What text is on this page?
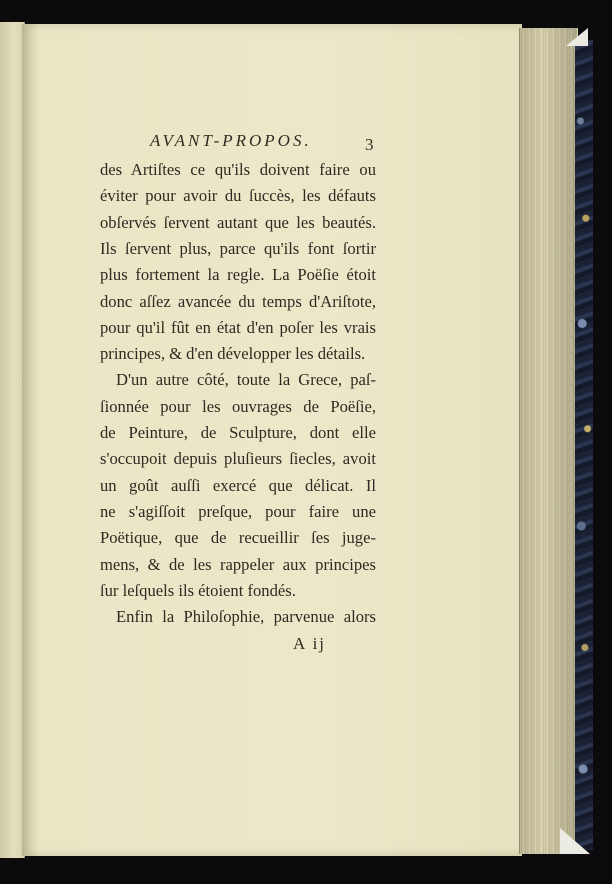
AVANT-PROPOS.	3
des Artiſtes ce qu'ils doivent faire ou
éviter pour avoir du ſuccès, les défauts
obſervés ſervent autant que les beautés.
Ils ſervent plus, parce qu'ils font ſortir
plus fortement la regle. La Poëſie étoit
donc aſſez avancée du temps d'Ariſtote,
pour qu'il fût en état d'en poſer les vrais
principes, & d'en développer les détails.
D'un autre côté, toute la Grece, paſ-
ſionnée pour les ouvrages de Poëſie,
de Peinture, de Sculpture, dont elle
s'occupoit depuis pluſieurs ſiecles, avoit
un goût auſſi exercé que délicat. Il
ne s'agiſſoit preſque, pour faire une
Poëtique, que de recueillir ſes juge-
mens, & de les rappeler aux principes
ſur leſquels ils étoient fondés.
Enfin la Philoſophie, parvenue alors
A ij
